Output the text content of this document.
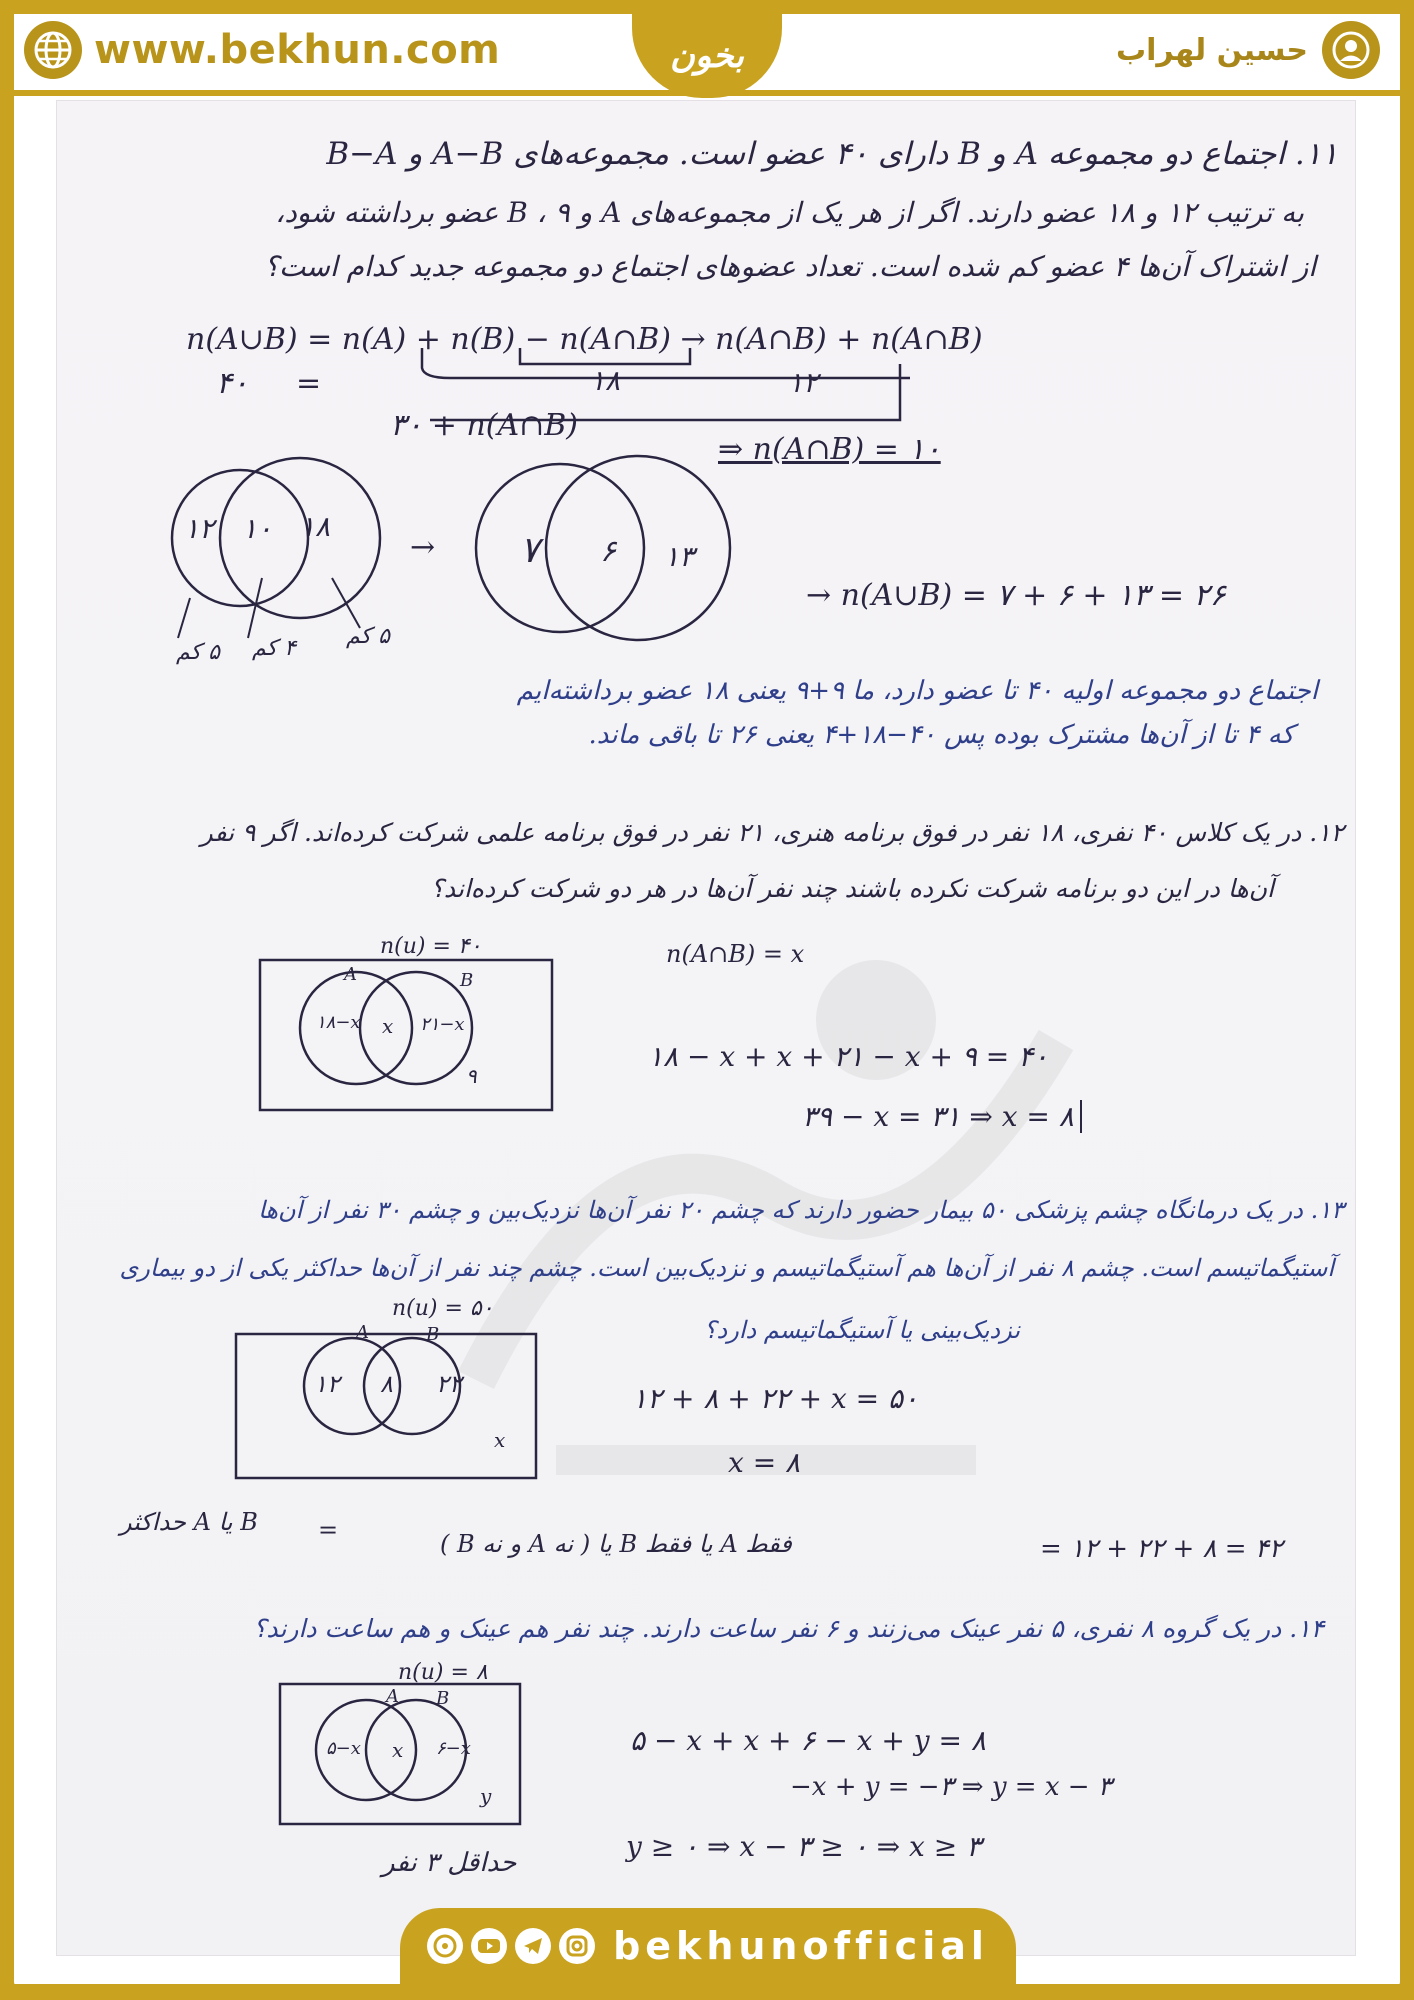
www.bekhun.com	بخون	حسین لهراب
۱۱. اجتماع دو مجموعه A و B دارای ۴۰ عضو است. مجموعه‌های A−B و B−A
به ترتیب ۱۲ و ۱۸ عضو دارند. اگر از هر یک از مجموعه‌های A و B ، ۹ عضو برداشته شود،
از اشتراک آن‌ها ۴ عضو کم شده است. تعداد عضوهای اجتماع دو مجموعه جدید کدام است؟
n(A∪B) = n(A) + n(B) − n(A∩B) → n(A∩B) + n(A∩B)
۴۰ =	۱۸	۱۲
۳۰ + n(A∩B)
⇒ n(A∩B) = ۱۰
۱۲ ۱۰ ۱۸
۵ کم ۴ کم ۵ کم
→ ۷ ۶ ۱۳
→ n(A∪B) = ۷ + ۶ + ۱۳ = ۲۶
اجتماع دو مجموعه اولیه ۴۰ تا عضو دارد، ما ۹+۹ یعنی ۱۸ عضو برداشته‌ایم
که ۴ تا از آن‌ها مشترک بوده پس ۴۰−۱۸+۴ یعنی ۲۶ تا باقی ماند.
۱۲. در یک کلاس ۴۰ نفری، ۱۸ نفر در فوق برنامه هنری، ۲۱ نفر در فوق برنامه علمی شرکت کرده‌اند. اگر ۹ نفر
آن‌ها در این دو برنامه شرکت نکرده باشند چند نفر آن‌ها در هر دو شرکت کرده‌اند؟
n(u) = ۴۰	n(A∩B) = x
A	B
۱۸−x x ۲۱−x
۹
۱۸ − x + x + ۲۱ − x + ۹ = ۴۰
۳۹ − x = ۳۱ ⇒ x = ۸
۱۳. در یک درمانگاه چشم پزشکی ۵۰ بیمار حضور دارند که چشم ۲۰ نفر آن‌ها نزدیک‌بین و چشم ۳۰ نفر از آن‌ها
آستیگماتیسم است. چشم ۸ نفر از آن‌ها هم آستیگماتیسم و نزدیک‌بین است. چشم چند نفر از آن‌ها حداکثر یکی از دو بیماری
نزدیک‌بینی یا آستیگماتیسم دارد؟
n(u) = ۵۰
A	B
۱۲ ۸ ۲۲
x
۱۲ + ۸ + ۲۲ + x = ۵۰
x = ۸
B یا A حداکثر	=	فقط A یا فقط B یا ( نه A و نه B )	= ۱۲ + ۲۲ + ۸ = ۴۲
۱۴. در یک گروه ۸ نفری، ۵ نفر عینک می‌زنند و ۶ نفر ساعت دارند. چند نفر هم عینک و هم ساعت دارند؟
n(u) = ۸
A B
۵−x x ۶−x
y
۵ − x + x + ۶ − x + y = ۸
−x + y = −۳ ⇒ y = x − ۳
y ≥ ۰ ⇒ x − ۳ ≥ ۰ ⇒ x ≥ ۳
حداقل ۳ نفر
bekhunofficial
